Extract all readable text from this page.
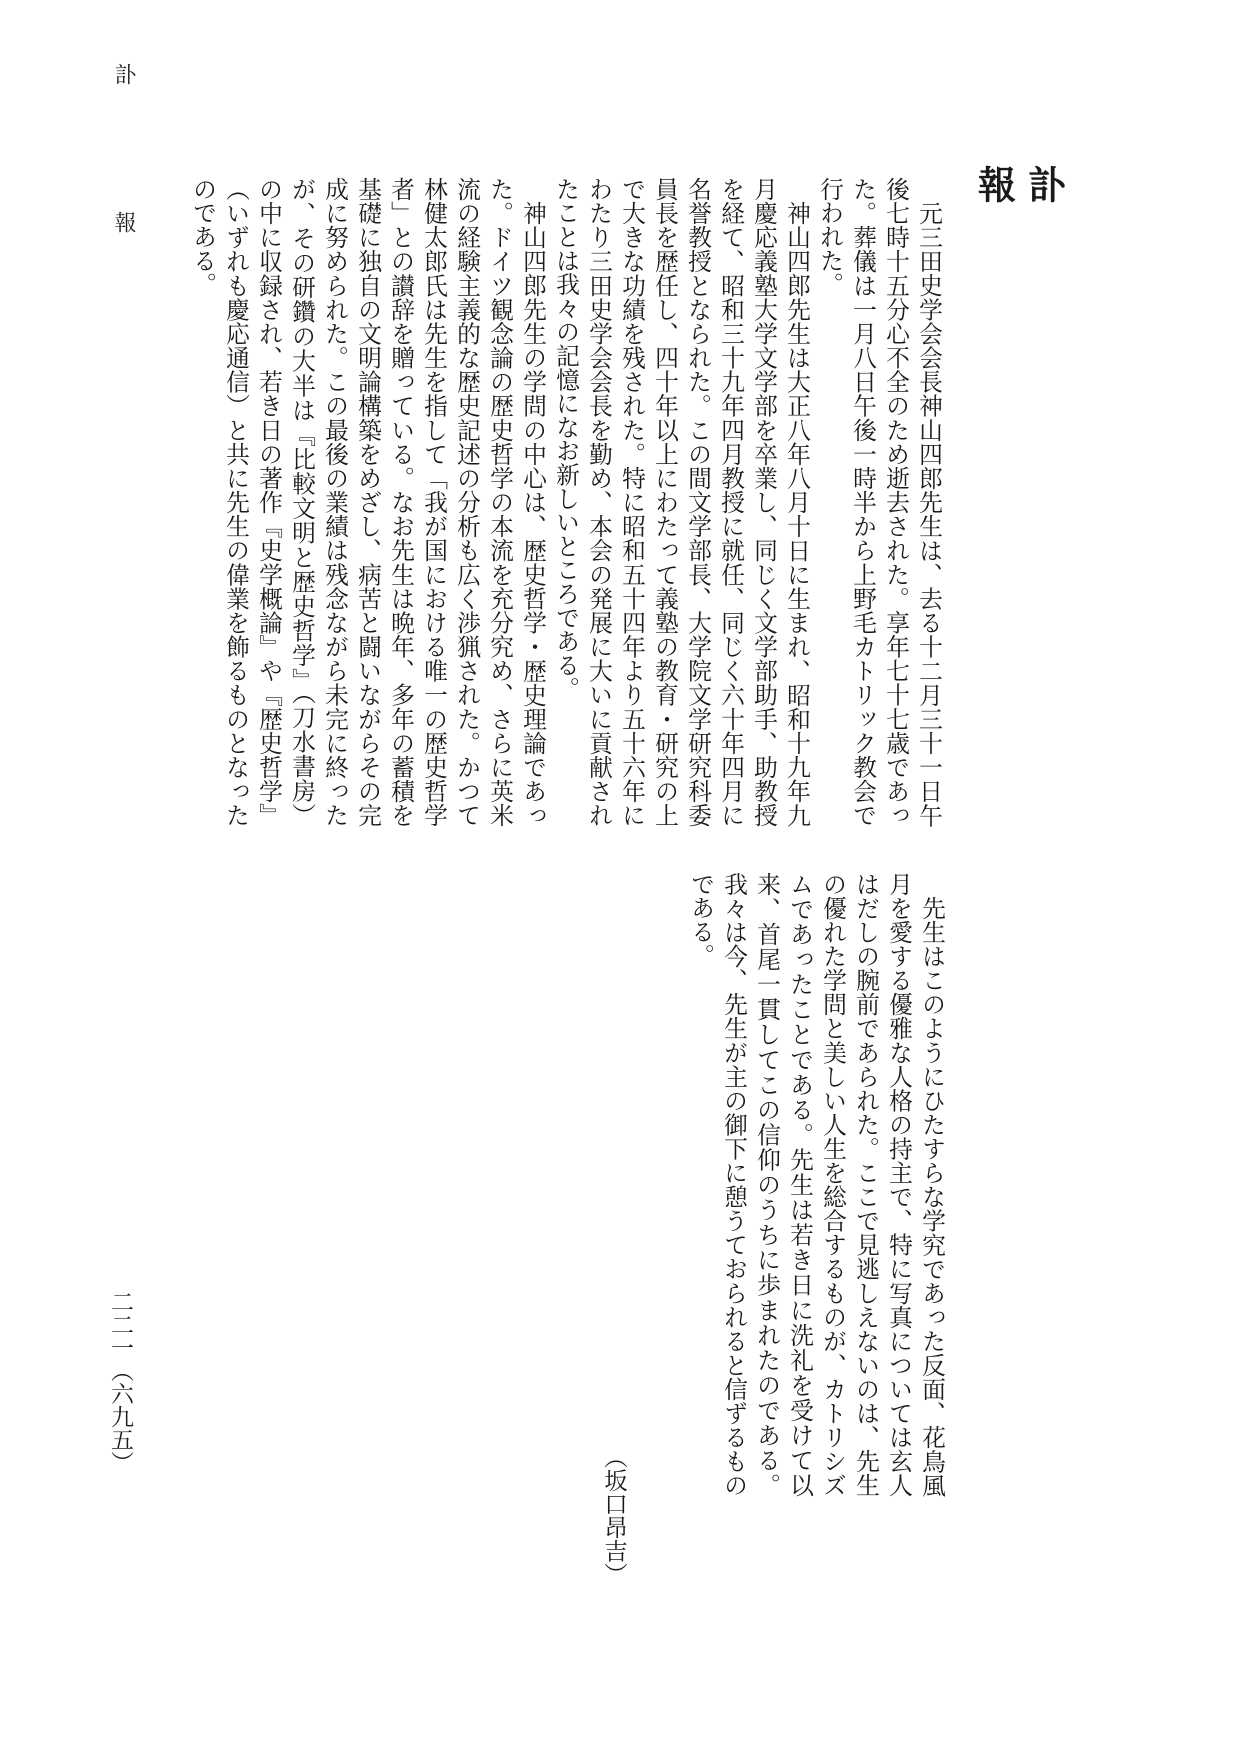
訃　報

元三田史学会会長神山四郎先生は、去る十二月三十一日午後七時十五分心不全のため逝去された。享年七十七歳であった。葬儀は一月八日午後一時半から上野毛カトリック教会で行われた。

神山四郎先生は大正八年八月十日に生まれ、昭和十九年九月慶応義塾大学文学部を卒業し、同じく文学部助手、助教授を経て、昭和三十九年四月教授に就任、同じく六十年四月に名誉教授となられた。この間文学部長、大学院文学研究科委員長を歴任し、四十年以上にわたって義塾の教育・研究の上で大きな功績を残された。特に昭和五十四年より五十六年にわたり三田史学会会長を勤め、本会の発展に大いに貢献されたことは我々の記憶になお新しいところである。

神山四郎先生の学問の中心は、歴史哲学・歴史理論であった。ドイツ観念論の歴史哲学の本流を充分究め、さらに英米流の経験主義的な歴史記述の分析も広く渉猟された。かつて林健太郎氏は先生を指して「我が国における唯一の歴史哲学者」との讃辞を贈っている。なお先生は晩年、多年の蓄積を基礎に独自の文明論構築をめざし、病苦と闘いながらその完成に努められた。この最後の業績は残念ながら未完に終ったが、その研鑽の大半は『比較文明と歴史哲学』（刀水書房）の中に収録され、若き日の著作『史学概論』や『歴史哲学』（いずれも慶応通信）と共に先生の偉業を飾るものとなったのである。

先生はこのようにひたすらな学究であった反面、花鳥風月を愛する優雅な人格の持主で、特に写真については玄人はだしの腕前であられた。ここで見逃しえないのは、先生の優れた学問と美しい人生を総合するものが、カトリシズムであったことである。先生は若き日に洗礼を受けて以来、首尾一貫してこの信仰のうちに歩まれたのである。我々は今、先生が主の御下に憩うておられると信ずるものである。

（坂口昂吉）
訃　報
二二一（六九五）
